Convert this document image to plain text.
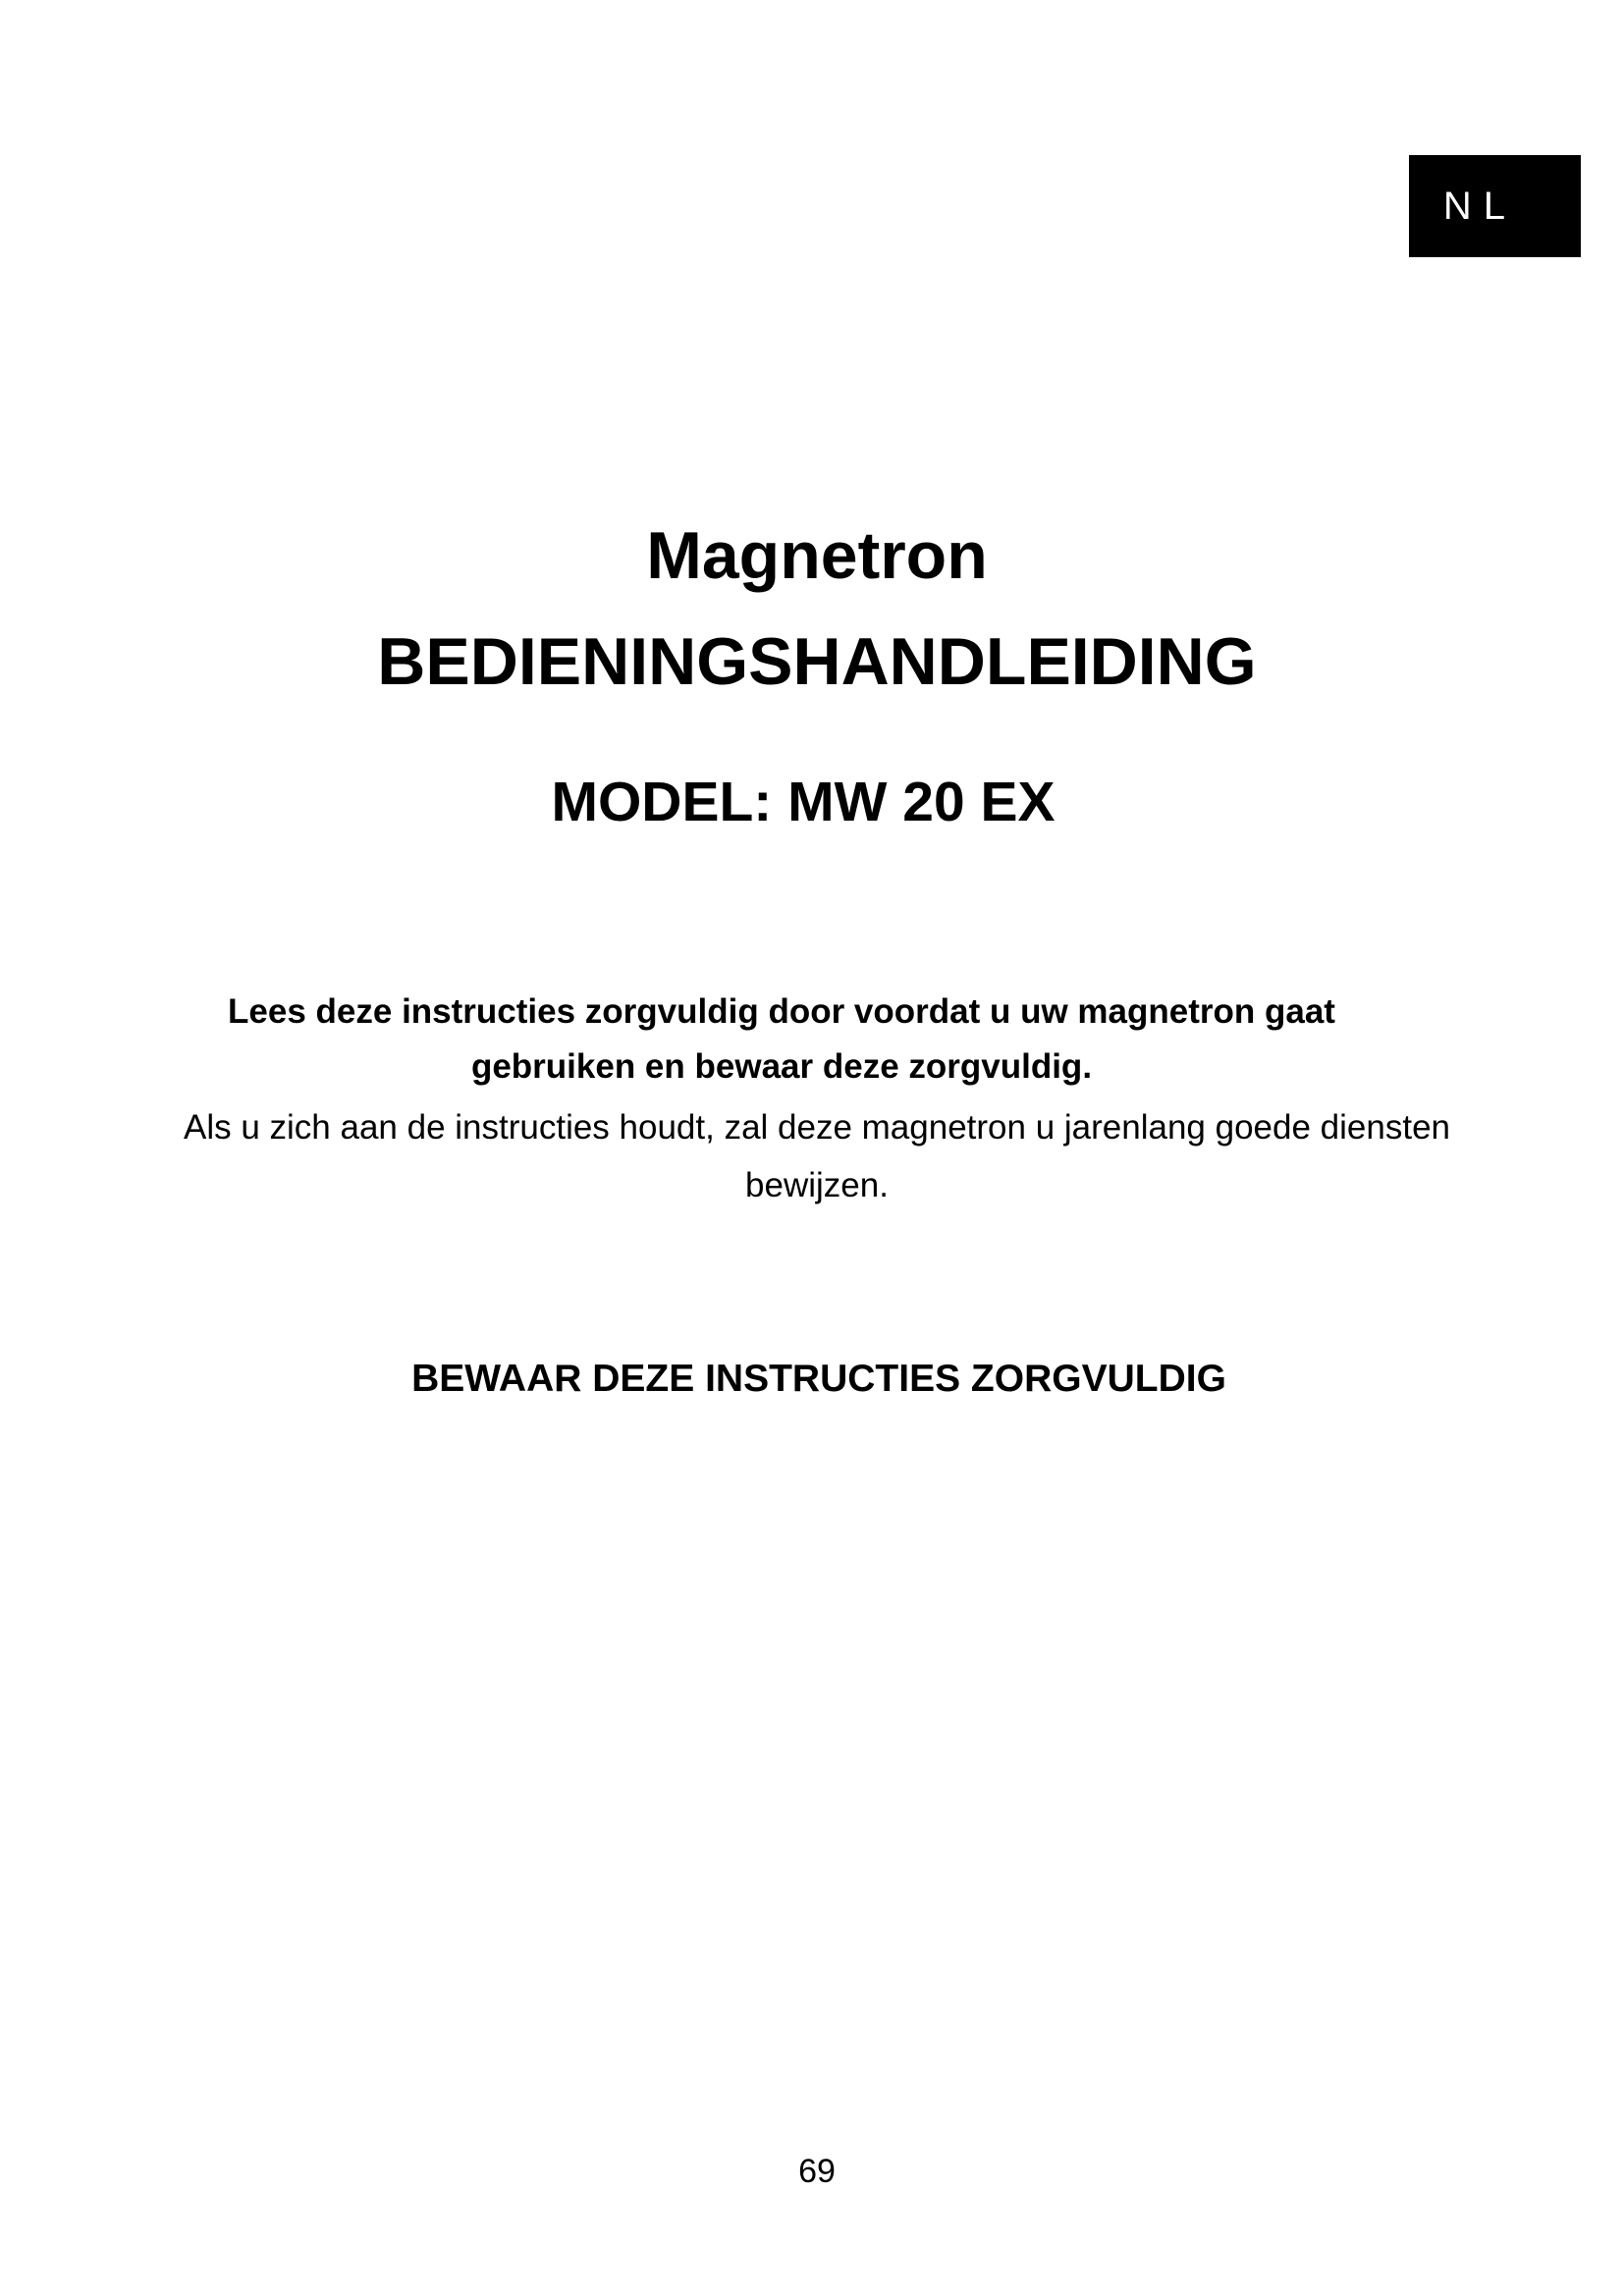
NL
Magnetron
BEDIENINGSHANDLEIDING
MODEL: MW 20 EX
Lees deze instructies zorgvuldig door voordat u uw magnetron gaat
gebruiken en bewaar deze zorgvuldig.
Als u zich aan de instructies houdt, zal deze magnetron u jarenlang goede diensten
bewijzen.
BEWAAR DEZE INSTRUCTIES ZORGVULDIG
69
